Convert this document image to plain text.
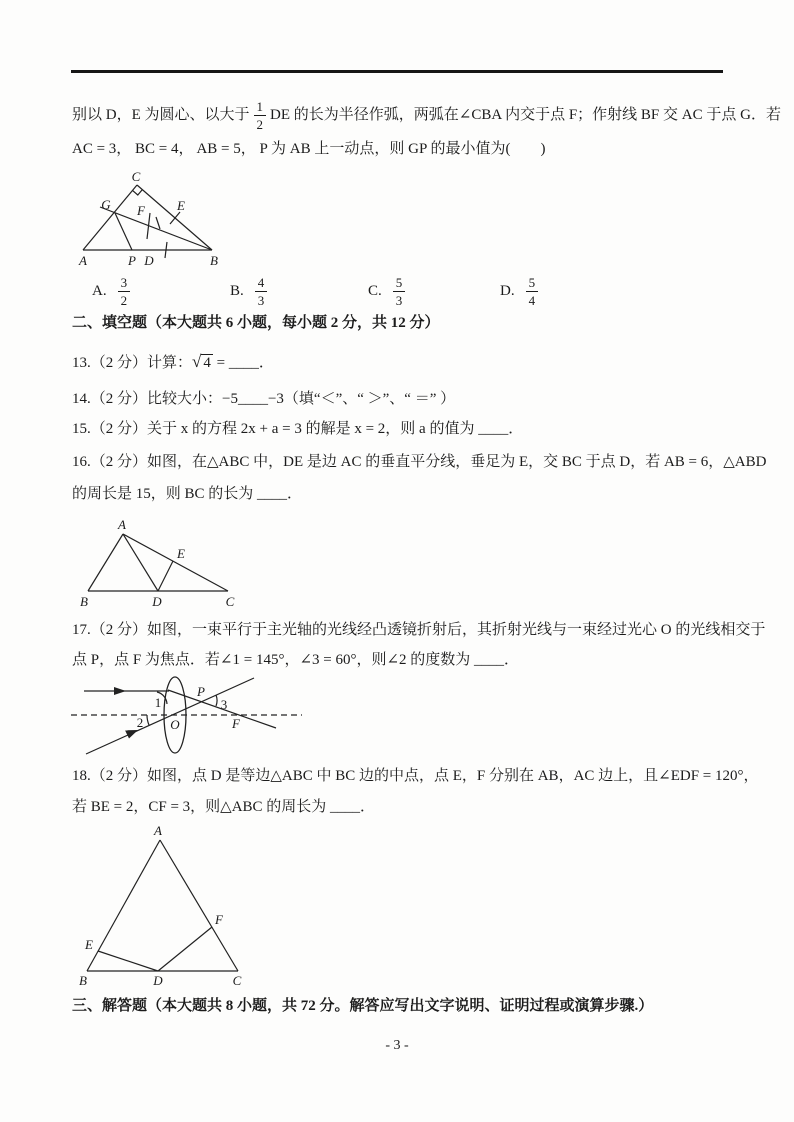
别以 D，E 为圆心、以大于 $\frac{1}{2}$ DE 的长为半径作弧，两弧在∠CBA 内交于点 F；作射线 BF 交 AC 于点 G．若
AC = 3， BC = 4， AB = 5， P 为 AB 上一动点，则 GP 的最小值为(　　)
A	P D	B
C
G	E
F
A. $\frac{3}{2}$	B. $\frac{4}{3}$	C. $\frac{5}{3}$	D. $\frac{5}{4}$
二、填空题（本大题共 6 小题，每小题 2 分，共 12 分）
13.（2 分）计算：√ 4 = ____．
14.（2 分）比较大小：−5____−3（填“＜”、“ ＞”、“ ＝” ）
15.（2 分）关于 x 的方程 2x + a = 3 的解是 x = 2，则 a 的值为 ____．
16.（2 分）如图，在△ABC 中，DE 是边 AC 的垂直平分线，垂足为 E，交 BC 于点 D，若 AB = 6，△ABD
的周长是 15，则 BC 的长为 ____．
A
B	C
D
E
17.（2 分）如图，一束平行于主光轴的光线经凸透镜折射后，其折射光线与一束经过光心 O 的光线相交于
点 P，点 F 为焦点．若∠1 = 145°，∠3 = 60°，则∠2 的度数为 ____．
1
2
3
P
O	F
18.（2 分）如图，点 D 是等边△ABC 中 BC 边的中点，点 E，F 分别在 AB，AC 边上，且∠EDF = 120°，
若 BE = 2，CF = 3，则△ABC 的周长为 ____．
A
B	C
D
E
F
三、解答题（本大题共 8 小题，共 72 分。解答应写出文字说明、证明过程或演算步骤.）
- 3 -
